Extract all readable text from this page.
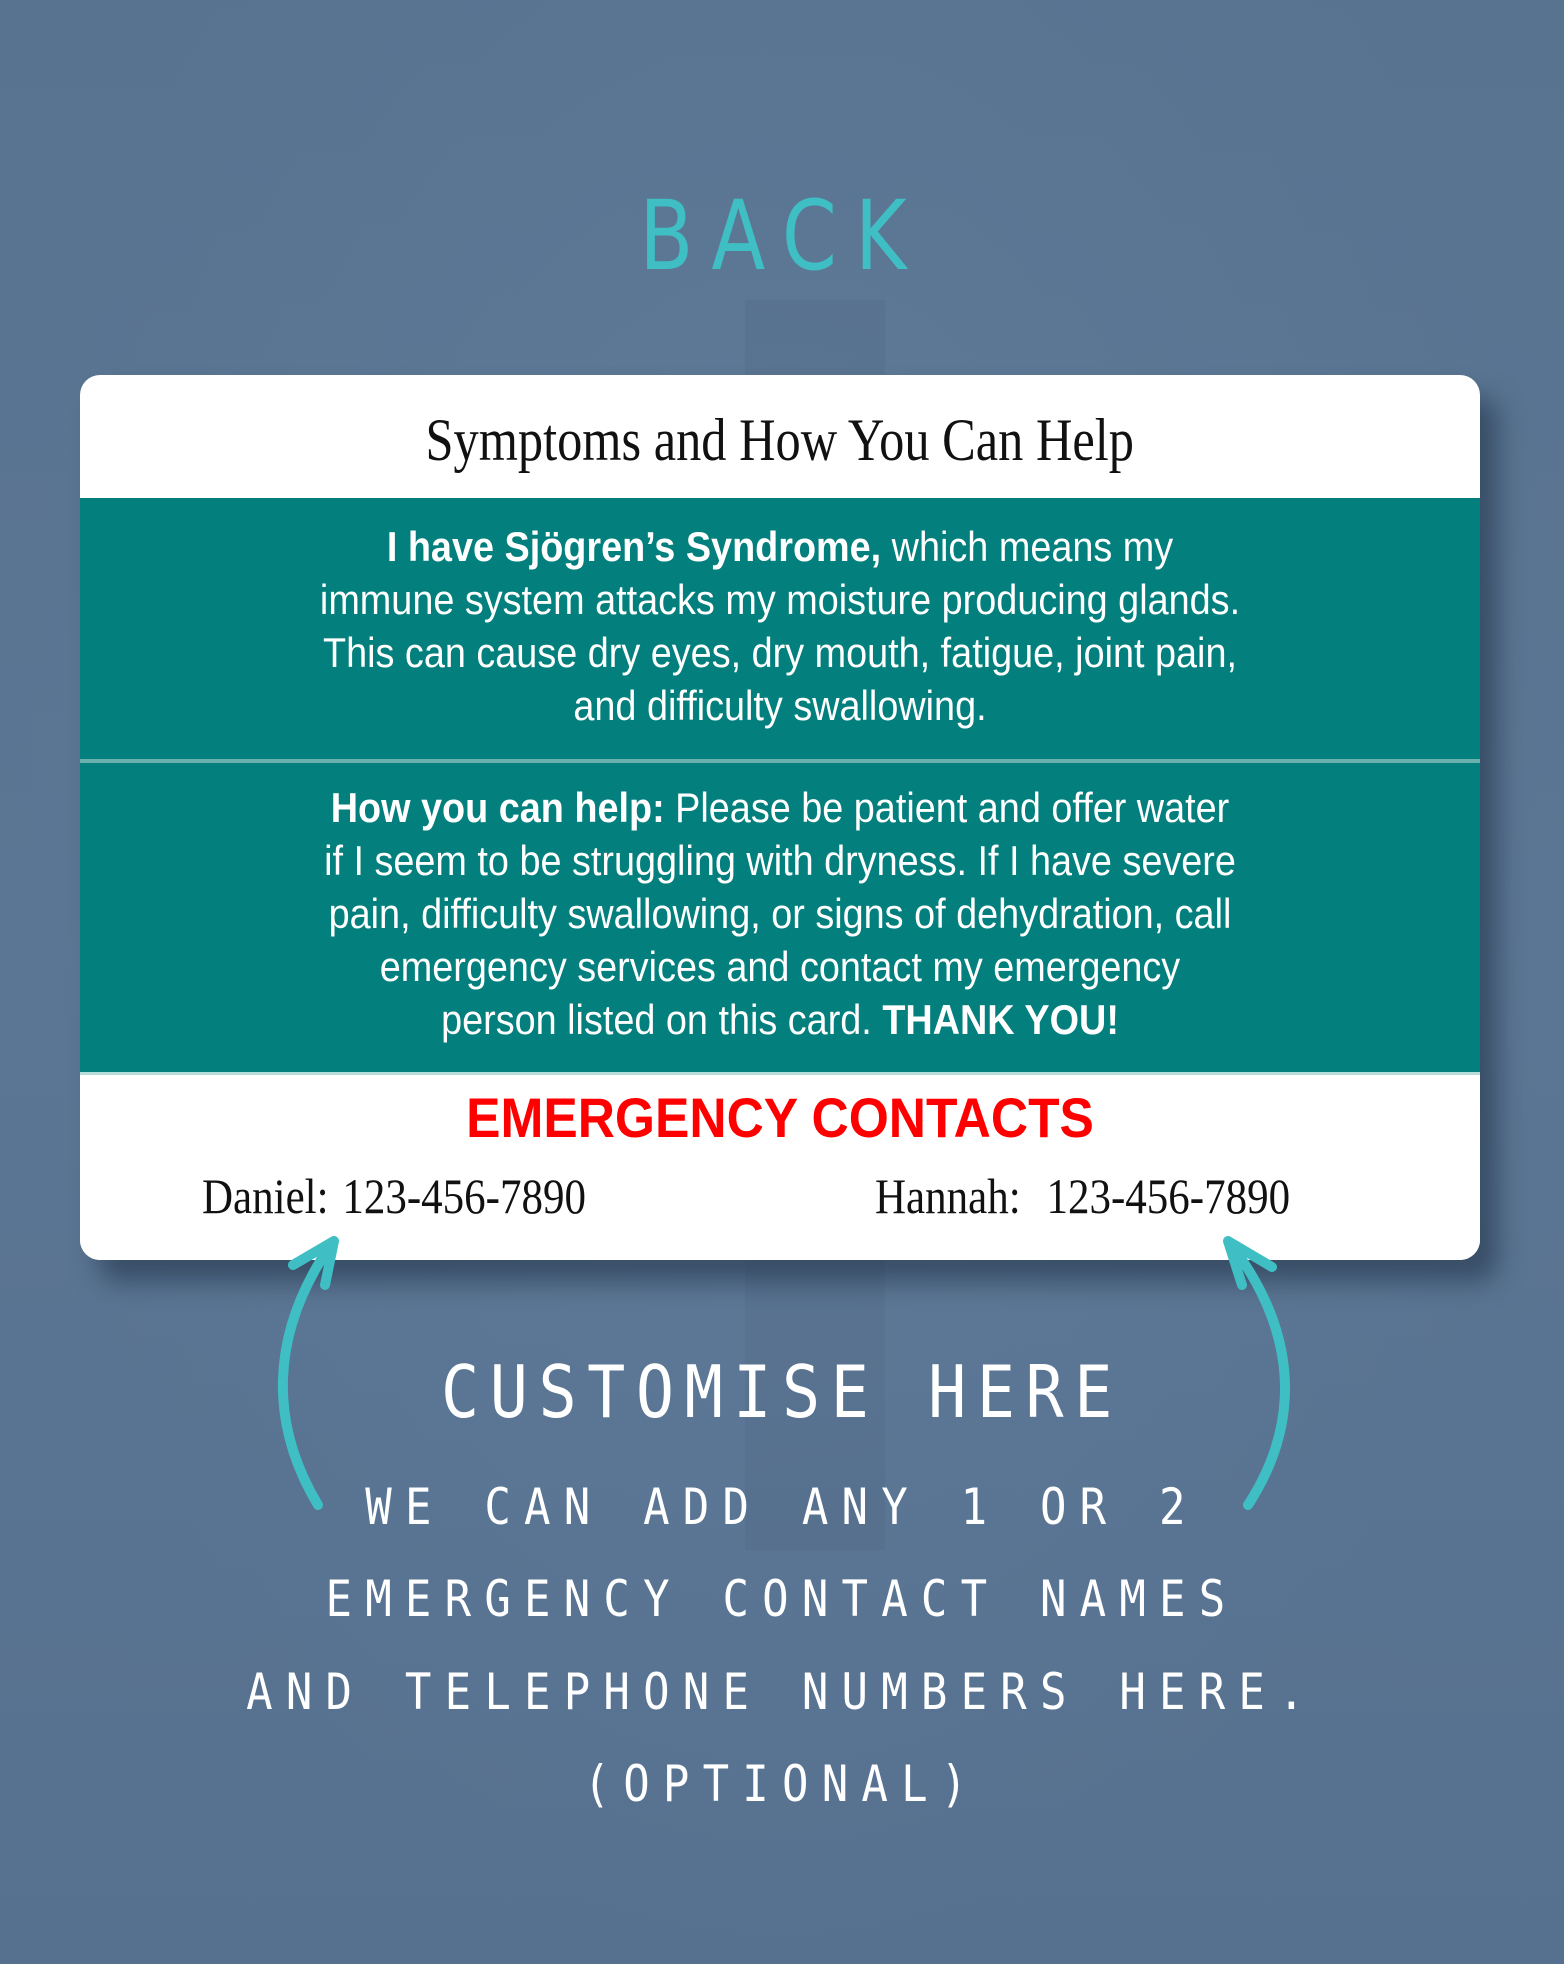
BACK
Symptoms and How You Can Help
I have Sjögren’s Syndrome, which means my
immune system attacks my moisture producing glands.
This can cause dry eyes, dry mouth, fatigue, joint pain,
and difficulty swallowing.
How you can help: Please be patient and offer water
if I seem to be struggling with dryness. If I have severe
pain, difficulty swallowing, or signs of dehydration, call
emergency services and contact my emergency
person listed on this card. THANK YOU!
EMERGENCY CONTACTS
Daniel: 123-456-7890	Hannah: 123-456-7890
CUSTOMISE HERE
WE CAN ADD ANY 1 OR 2
EMERGENCY CONTACT NAMES
AND TELEPHONE NUMBERS HERE.
(OPTIONAL)
